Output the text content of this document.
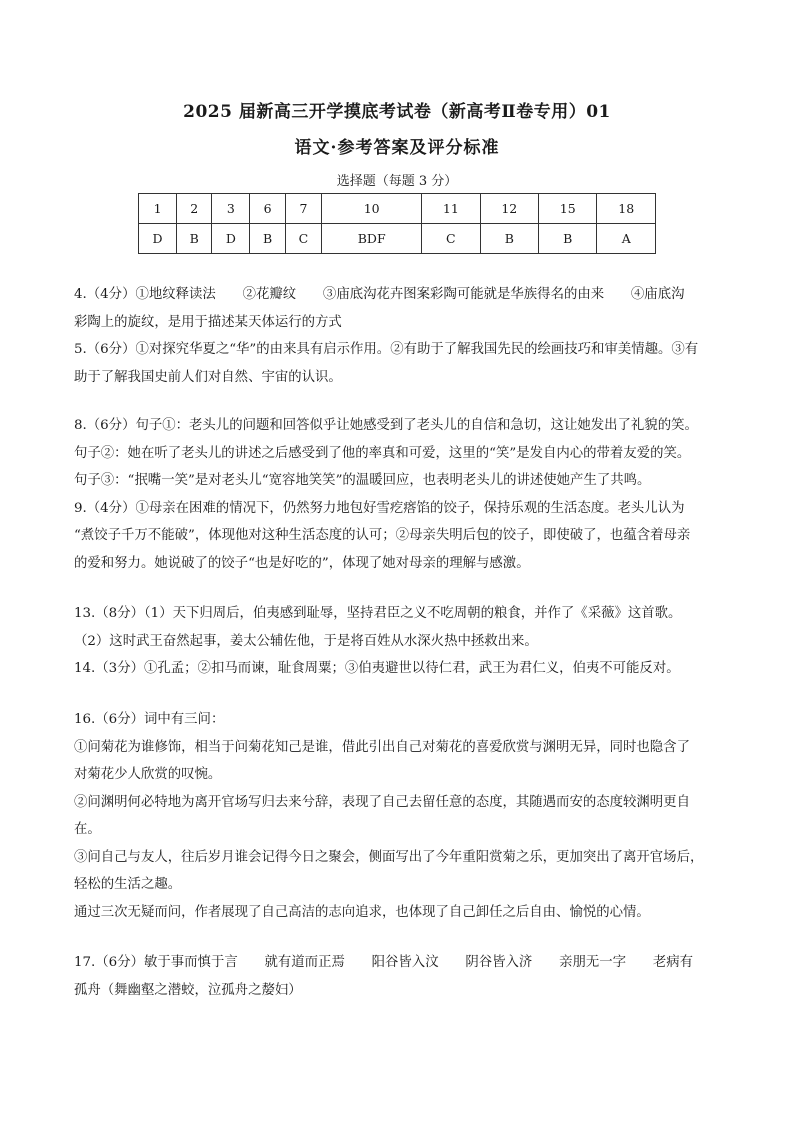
2025 届新高三开学摸底考试卷（新高考Ⅱ卷专用）01
语文·参考答案及评分标准
选择题（每题 3 分）
1	2	3	6	7	10	11	12	15	18
D	B	D	B	C	BDF	C	B	B	A

4.（4分）①地纹释读法　　②花瓣纹　　③庙底沟花卉图案彩陶可能就是华族得名的由来　　④庙底沟

彩陶上的旋纹，是用于描述某天体运行的方式

5.（6分）①对探究华夏之“华”的由来具有启示作用。②有助于了解我国先民的绘画技巧和审美情趣。③有

助于了解我国史前人们对自然、宇宙的认识。

8.（6分）句子①：老头儿的问题和回答似乎让她感受到了老头儿的自信和急切，这让她发出了礼貌的笑。

句子②：她在听了老头儿的讲述之后感受到了他的率真和可爱，这里的“笑”是发自内心的带着友爱的笑。

句子③：“抿嘴一笑”是对老头儿“宽容地笑笑”的温暖回应，也表明老头儿的讲述使她产生了共鸣。

9.（4分）①母亲在困难的情况下，仍然努力地包好雪疙瘩馅的饺子，保持乐观的生活态度。老头儿认为

“煮饺子千万不能破”，体现他对这种生活态度的认可；②母亲失明后包的饺子，即使破了，也蕴含着母亲

的爱和努力。她说破了的饺子“也是好吃的”，体现了她对母亲的理解与感激。

13.（8分）（1）天下归周后，伯夷感到耻辱，坚持君臣之义不吃周朝的粮食，并作了《采薇》这首歌。

（2）这时武王奋然起事，姜太公辅佐他，于是将百姓从水深火热中拯救出来。

14.（3分）①孔孟；②扣马而谏，耻食周粟；③伯夷避世以待仁君，武王为君仁义，伯夷不可能反对。

16.（6分）词中有三问：

①问菊花为谁修饰，相当于问菊花知己是谁，借此引出自己对菊花的喜爱欣赏与渊明无异，同时也隐含了

对菊花少人欣赏的叹惋。

②问渊明何必特地为离开官场写归去来兮辞，表现了自己去留任意的态度，其随遇而安的态度较渊明更自

在。

③问自己与友人，往后岁月谁会记得今日之聚会，侧面写出了今年重阳赏菊之乐，更加突出了离开官场后，

轻松的生活之趣。

通过三次无疑而问，作者展现了自己高洁的志向追求，也体现了自己卸任之后自由、愉悦的心情。

17.（6分）敏于事而慎于言　　就有道而正焉　　阳谷皆入汶　　阴谷皆入济　　亲朋无一字　　老病有

孤舟（舞幽壑之潜蛟，泣孤舟之嫠妇）
